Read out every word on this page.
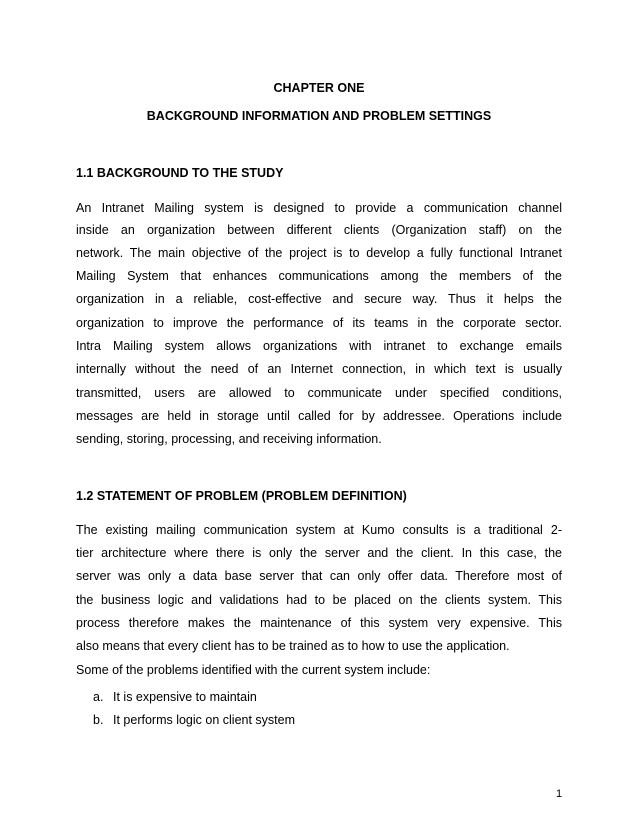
CHAPTER ONE
BACKGROUND INFORMATION AND PROBLEM SETTINGS
1.1 BACKGROUND TO THE STUDY
An Intranet Mailing system is designed to provide a communication channel
inside an organization between different clients (Organization staff) on the
network. The main objective of the project is to develop a fully functional Intranet
Mailing System that enhances communications among the members of the
organization in a reliable, cost-effective and secure way. Thus it helps the
organization to improve the performance of its teams in the corporate sector.
Intra Mailing system allows organizations with intranet to exchange emails
internally without the need of an Internet connection, in which text is usually
transmitted, users are allowed to communicate under specified conditions,
messages are held in storage until called for by addressee. Operations include
sending, storing, processing, and receiving information.
1.2 STATEMENT OF PROBLEM (PROBLEM DEFINITION)
The existing mailing communication system at Kumo consults is a traditional 2-
tier architecture where there is only the server and the client. In this case, the
server was only a data base server that can only offer data. Therefore most of
the business logic and validations had to be placed on the clients system. This
process therefore makes the maintenance of this system very expensive. This
also means that every client has to be trained as to how to use the application.
Some of the problems identified with the current system include:
a. It is expensive to maintain
b. It performs logic on client system
1
